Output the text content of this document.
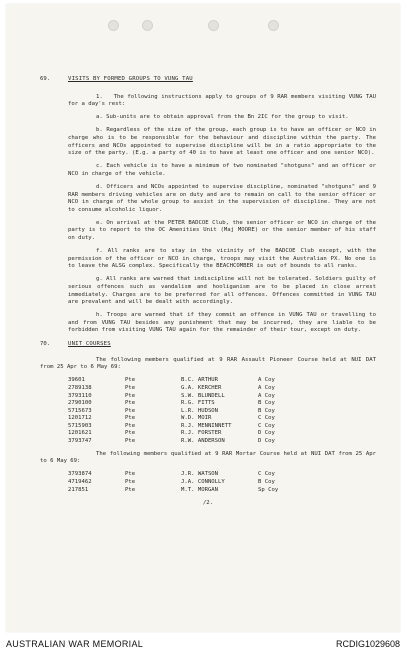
69.	VISITS BY FORMED GROUPS TO VUNG TAU

1. The following instructions apply to groups of 9 RAR members visiting VUNG TAU for a day's rest:

a. Sub-units are to obtain approval from the Bn 2IC for the group to visit.

b. Regardless of the size of the group, each group is to have an officer or NCO in charge who is to be responsible for the behaviour and discipline within the party. The officers and NCOs appointed to supervise discipline will be in a ratio appropriate to the size of the party. (E.g. a party of 40 is to have at least one officer and one senior NCO).

c. Each vehicle is to have a minimum of two nominated "shotguns" and an officer or NCO in charge of the vehicle.

d. Officers and NCOs appointed to supervise discipline, nominated "shotguns" and 9 RAR members driving vehicles are on duty and are to remain on call to the senior officer or NCO in charge of the whole group to assist in the supervision of discipline. They are not to consume alcoholic liquor.

e. On arrival at the PETER BADCOE Club, the senior officer or NCO in charge of the party is to report to the OC Amenities Unit (Maj MOORE) or the senior member of his staff on duty.

f. All ranks are to stay in the vicinity of the BADCOE Club except, with the permission of the officer or NCO in charge, troops may visit the Australian PX. No one is to leave the ALSG complex. Specifically the BEACHCOMBER is out of bounds to all ranks.

g. All ranks are warned that indiscipline will not be tolerated. Soldiers guilty of serious offences such as vandalism and hooliganism are to be placed in close arrest immediately. Charges are to be preferred for all offences. Offences committed in VUNG TAU are prevalent and will be dealt with accordingly.

h. Troops are warned that if they commit an offence in VUNG TAU or travelling to and from VUNG TAU besides any punishment that may be incurred, they are liable to be forbidden from visiting VUNG TAU again for the remainder of their tour, except on duty.

70.	UNIT COURSES

The following members qualified at 9 RAR Assault Pioneer Course held at NUI DAT from 25 Apr to 6 May 69:

39601	Pte	B.C. ARTHUR	A Coy
2789138	Pte	G.A. KERCHER	A Coy
3793110	Pte	S.W. BLUNDELL	A Coy
2790100	Pte	R.G. FITTS	B Coy
5715673	Pte	L.R. HUDSON	B Coy
1201712	Pte	W.D. MOIR	C Coy
5715903	Pte	R.J. MENNINNETT	C Coy
1201621	Pte	R.J. FORSTER	D Coy
3793747	Pte	R.W. ANDERSON	D Coy

The following members qualified at 9 RAR Mortar Course held at NUI DAT from 25 Apr to 6 May 69:

3793874	Pte	J.R. WATSON	C Coy
4719462	Pte	J.A. CONNOLLY	B Coy
217851	Pte	M.T. MORGAN	Sp Coy
/2.
AUSTRALIAN WAR MEMORIAL	RCDIG1029608
